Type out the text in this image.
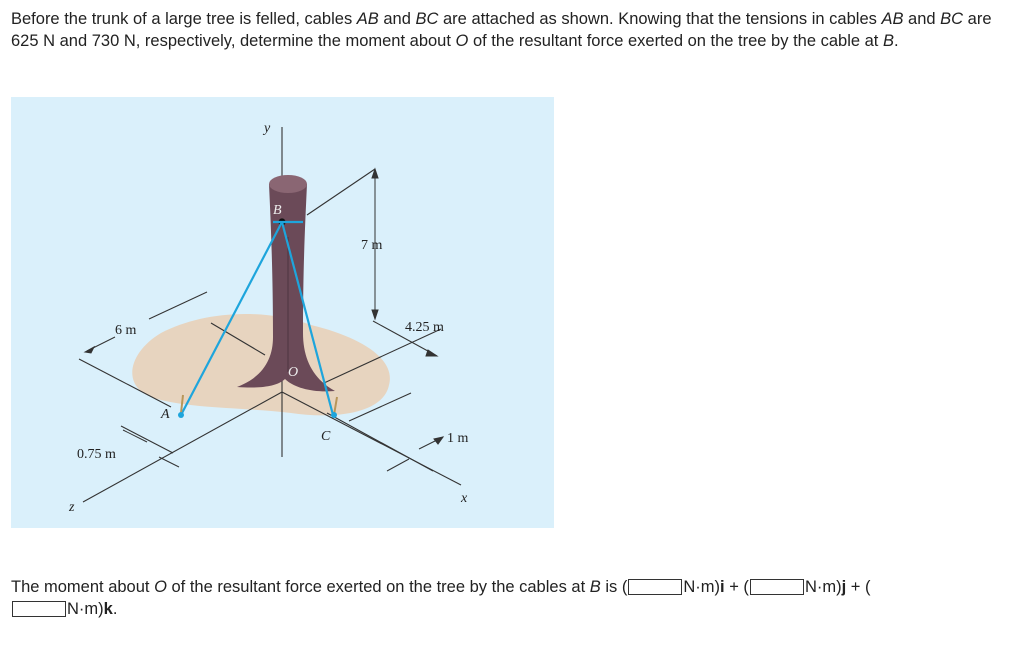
Before the trunk of a large tree is felled, cables AB and BC are attached as shown. Knowing that the tensions in cables AB and BC are 625 N and 730 N, respectively, determine the moment about O of the resultant force exerted on the tree by the cable at B.
y
B
O
A
C
z
x
7 m
6 m	4.25 m
1 m
0.75 m
The moment about O of the resultant force exerted on the tree by the cables at B is (	N·m)i + (	N·m)j + (
N·m)k.
